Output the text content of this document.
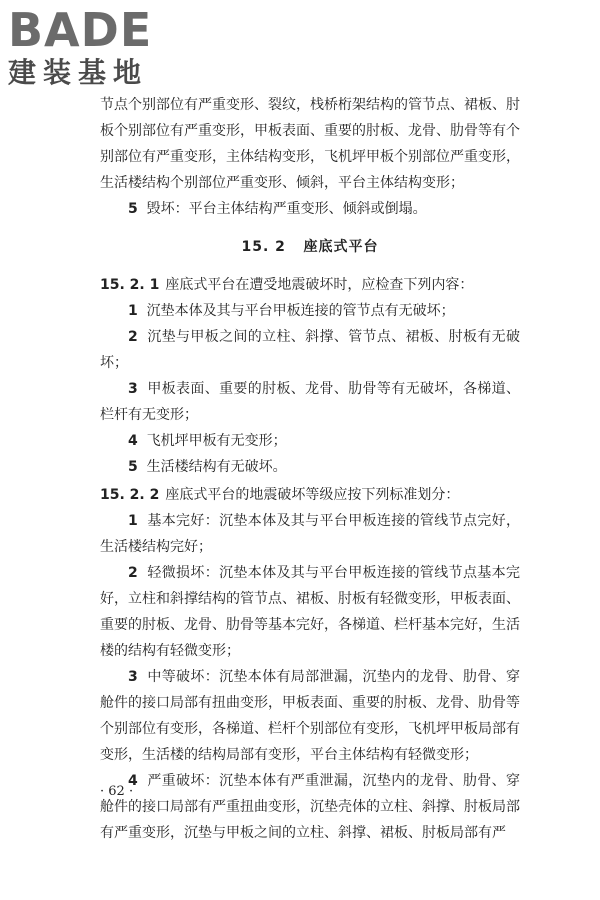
BADE
建装基地

节点个别部位有严重变形、裂纹，栈桥桁架结构的管节点、裙板、肘板个别部位有严重变形，甲板表面、重要的肘板、龙骨、肋骨等有个别部位有严重变形，主体结构变形，飞机坪甲板个别部位严重变形，生活楼结构个别部位严重变形、倾斜，平台主体结构变形；

5 毁坏：平台主体结构严重变形、倾斜或倒塌。

15. 2 座底式平台

15. 2. 1 座底式平台在遭受地震破坏时，应检查下列内容：

1 沉垫本体及其与平台甲板连接的管节点有无破坏；

2 沉垫与甲板之间的立柱、斜撑、管节点、裙板、肘板有无破坏；

3 甲板表面、重要的肘板、龙骨、肋骨等有无破坏，各梯道、栏杆有无变形；

4 飞机坪甲板有无变形；

5 生活楼结构有无破坏。

15. 2. 2 座底式平台的地震破坏等级应按下列标准划分：

1 基本完好：沉垫本体及其与平台甲板连接的管线节点完好，生活楼结构完好；

2 轻微损坏：沉垫本体及其与平台甲板连接的管线节点基本完好，立柱和斜撑结构的管节点、裙板、肘板有轻微变形，甲板表面、重要的肘板、龙骨、肋骨等基本完好，各梯道、栏杆基本完好，生活楼的结构有轻微变形；

3 中等破坏：沉垫本体有局部泄漏，沉垫内的龙骨、肋骨、穿舱件的接口局部有扭曲变形，甲板表面、重要的肘板、龙骨、肋骨等个别部位有变形，各梯道、栏杆个别部位有变形，飞机坪甲板局部有变形，生活楼的结构局部有变形，平台主体结构有轻微变形；

4 严重破坏：沉垫本体有严重泄漏，沉垫内的龙骨、肋骨、穿舱件的接口局部有严重扭曲变形，沉垫壳体的立柱、斜撑、肘板局部有严重变形，沉垫与甲板之间的立柱、斜撑、裙板、肘板局部有严

· 62 ·
